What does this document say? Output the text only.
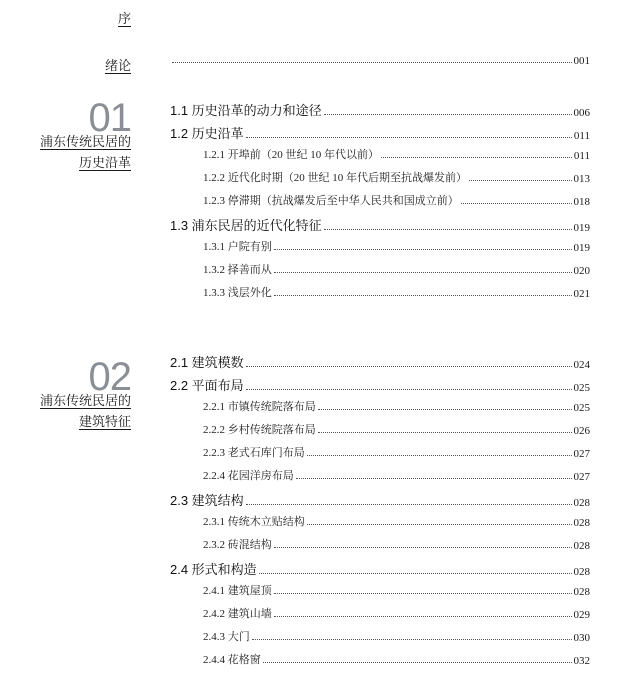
序
绪论	001
01
浦东传统民居的
历史沿革
1.1 历史沿革的动力和途径	006
1.2 历史沿革	011
1.2.1 开埠前（20 世纪 10 年代以前）	011
1.2.2 近代化时期（20 世纪 10 年代后期至抗战爆发前）	013
1.2.3 停滞期（抗战爆发后至中华人民共和国成立前）	018
1.3 浦东民居的近代化特征	019
1.3.1 户院有别	019
1.3.2 择善而从	020
1.3.3 浅层外化	021
02
浦东传统民居的
建筑特征
2.1 建筑模数	024
2.2 平面布局	025
2.2.1 市镇传统院落布局	025
2.2.2 乡村传统院落布局	026
2.2.3 老式石库门布局	027
2.2.4 花园洋房布局	027
2.3 建筑结构	028
2.3.1 传统木立贴结构	028
2.3.2 砖混结构	028
2.4 形式和构造	028
2.4.1 建筑屋顶	028
2.4.2 建筑山墙	029
2.4.3 大门	030
2.4.4 花格窗	032
